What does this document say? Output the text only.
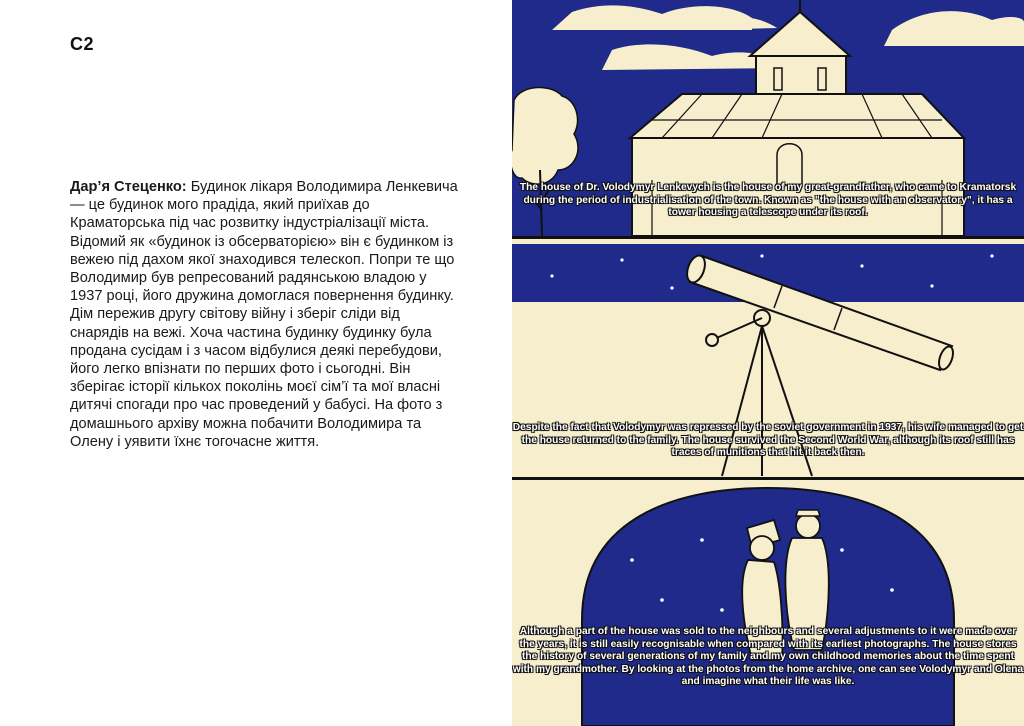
C2
Дар’я Стеценко: Будинок лікаря Володимира Ленкевича — це будинок мого прадіда, який приїхав до Краматорська під час розвитку індустріалізації міста. Відомий як «будинок із обсерваторією» він є будинком із вежею під дахом якої знаходився телескоп. Попри те що Володимир був репресований радянською владою у 1937 році, його дружина домоглася повернення будинку. Дім пережив другу світову війну і зберіг сліди від снарядів на вежі. Хоча частина будинку будинку була продана сусідам і з часом відбулися деякі перебудови, його легко впізнати по перших фото і сьогодні. Він зберігає історії кількох поколінь моєї сім’ї та мої власні дитячі спогади про час проведений у бабусі. На фото з домашнього архіву можна побачити Володимира та Олену і уявити їхнє тогочасне життя.
The house of Dr. Volodymyr Lenkevych is the house of my great-grandfather, who came to Kramatorsk during the period of industrialisation of the town. Known as "the house with an observatory", it has a tower housing a telescope under its roof.
Despite the fact that Volodymyr was repressed by the soviet government in 1937, his wife managed to get the house returned to the family. The house survived the Second World War, although its roof still has traces of munitions that hit it back then.
Although a part of the house was sold to the neighbours and several adjustments to it were made over the years, it is still easily recognisable when compared with its earliest photographs. The house stores the history of several generations of my family and my own childhood memories about the time spent with my grandmother. By looking at the photos from the home archive, one can see Volodymyr and Olena and imagine what their life was like.
